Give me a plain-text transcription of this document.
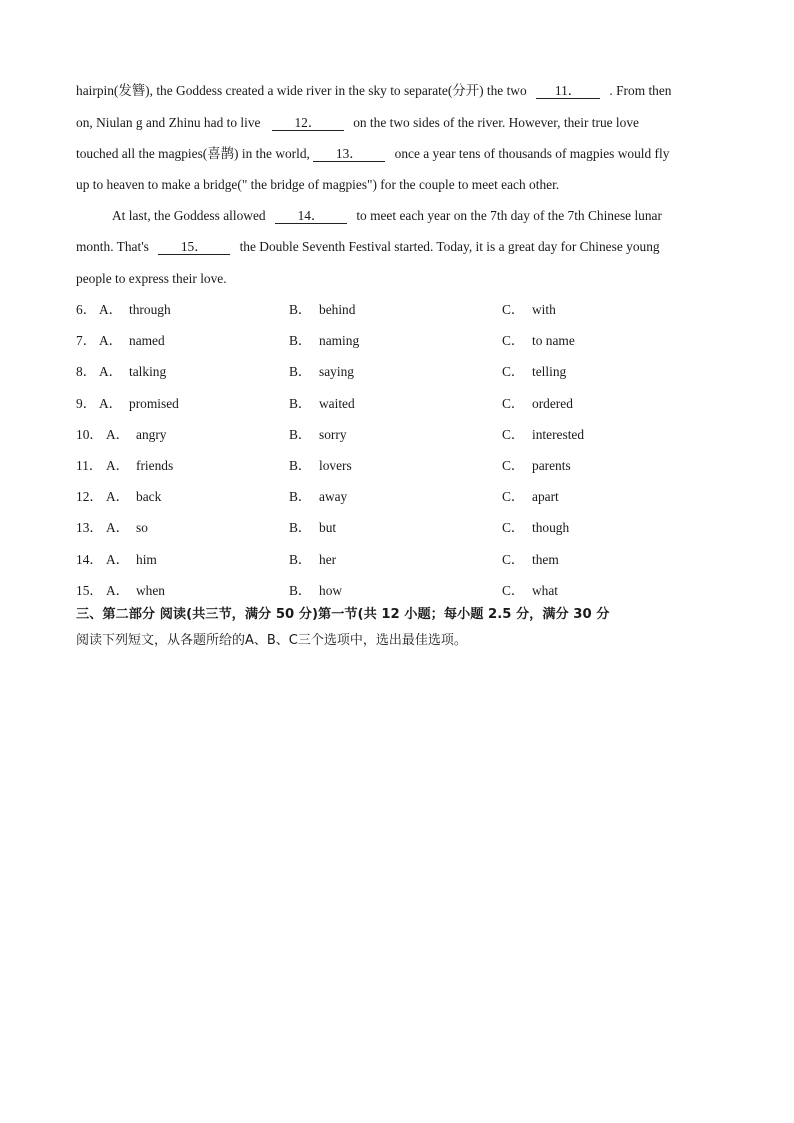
hairpin(发簪), the Goddess created a wide river in the sky to separate(分开) the two 11． . From then
on, Niulan g and Zhinu had to live	12． on the two sides of the river. However, their true love
touched all the magpies(喜鹊) in the world, 13． once a year tens of thousands of magpies would fly
up to heaven to make a bridge(" the bridge of magpies") for the couple to meet each other.
At last, the Goddess allowed 14． to meet each year on the 7th day of the 7th Chinese lunar
month. That's 15． the Double Seventh Festival started. Today, it is a great day for Chinese young
people to express their love.
6． A． through	B． behind	C． with
7． A． named	B． naming	C． to name
8． A． talking	B． saying	C． telling
9． A． promised	B． waited	C． ordered
10． A． angry	B． sorry	C． interested
11． A． friends	B． lovers	C． parents
12． A． back	B． away	C． apart
13． A． so	B． but	C． though
14． A． him	B． her	C． them
15． A． when	B． how	C． what
三、第二部分 阅读(共三节，满分 50 分)第一节(共 12 小题；每小题 2.5 分，满分 30 分
阅读下列短文，从各题所给的A、B、C三个选项中，选出最佳选项。
